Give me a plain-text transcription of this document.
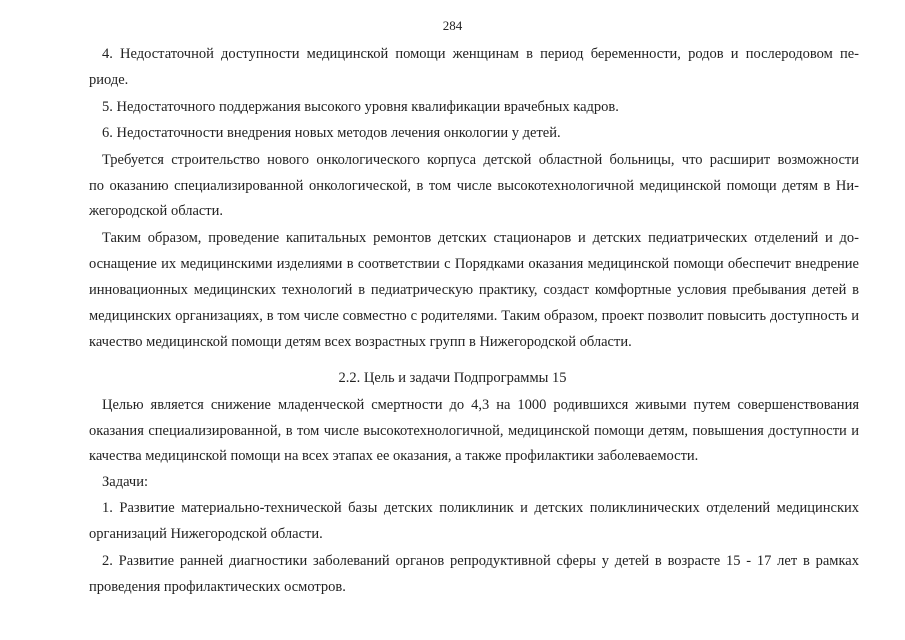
284
4. Недостаточной доступности медицинской помощи женщинам в период беременности, родов и послеродовом пе-
риоде.
5. Недостаточного поддержания высокого уровня квалификации врачебных кадров.
6. Недостаточности внедрения новых методов лечения онкологии у детей.
Требуется строительство нового онкологического корпуса детской областной больницы, что расширит возможности
по оказанию специализированной онкологической, в том числе высокотехнологичной медицинской помощи детям в Ни-
жегородской области.
Таким образом, проведение капитальных ремонтов детских стационаров и детских педиатрических отделений и до-
оснащение их медицинскими изделиями в соответствии с Порядками оказания медицинской помощи обеспечит внедрение
инновационных медицинских технологий в педиатрическую практику, создаст комфортные условия пребывания детей в
медицинских организациях, в том числе совместно с родителями. Таким образом, проект позволит повысить доступность и
качество медицинской помощи детям всех возрастных групп в Нижегородской области.
2.2. Цель и задачи Подпрограммы 15
Целью является снижение младенческой смертности до 4,3 на 1000 родившихся живыми путем совершенствования
оказания специализированной, в том числе высокотехнологичной, медицинской помощи детям, повышения доступности и
качества медицинской помощи на всех этапах ее оказания, а также профилактики заболеваемости.
Задачи:
1. Развитие материально-технической базы детских поликлиник и детских поликлинических отделений медицинских
организаций Нижегородской области.
2. Развитие ранней диагностики заболеваний органов репродуктивной сферы у детей в возрасте 15 - 17 лет в рамках
проведения профилактических осмотров.
